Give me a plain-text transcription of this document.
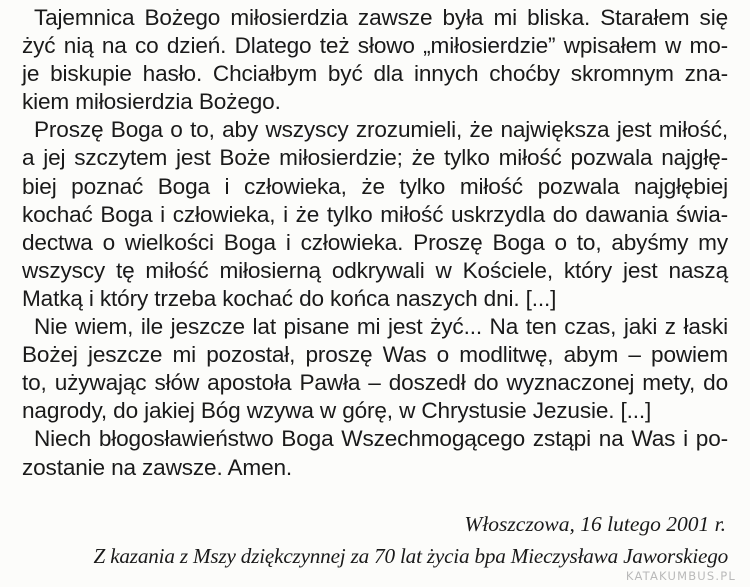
Tajemnica Bożego miłosierdzia zawsze była mi bliska. Starałem się
żyć nią na co dzień. Dlatego też słowo „miłosierdzie” wpisałem w mo-
je biskupie hasło. Chciałbym być dla innych choćby skromnym zna-
kiem miłosierdzia Bożego.
Proszę Boga o to, aby wszyscy zrozumieli, że największa jest miłość,
a jej szczytem jest Boże miłosierdzie; że tylko miłość pozwala najgłę-
biej poznać Boga i człowieka, że tylko miłość pozwala najgłębiej
kochać Boga i człowieka, i że tylko miłość uskrzydla do dawania świa-
dectwa o wielkości Boga i człowieka. Proszę Boga o to, abyśmy my
wszyscy tę miłość miłosierną odkrywali w Kościele, który jest naszą
Matką i który trzeba kochać do końca naszych dni. [...]
Nie wiem, ile jeszcze lat pisane mi jest żyć... Na ten czas, jaki z łaski
Bożej jeszcze mi pozostał, proszę Was o modlitwę, abym – powiem
to, używając słów apostoła Pawła – doszedł do wyznaczonej mety, do
nagrody, do jakiej Bóg wzywa w górę, w Chrystusie Jezusie. [...]
Niech błogosławieństwo Boga Wszechmogącego zstąpi na Was i po-
zostanie na zawsze. Amen.
Włoszczowa, 16 lutego 2001 r.
Z kazania z Mszy dziękczynnej za 70 lat życia bpa Mieczysława Jaworskiego
KATAKUMBUS.PL
